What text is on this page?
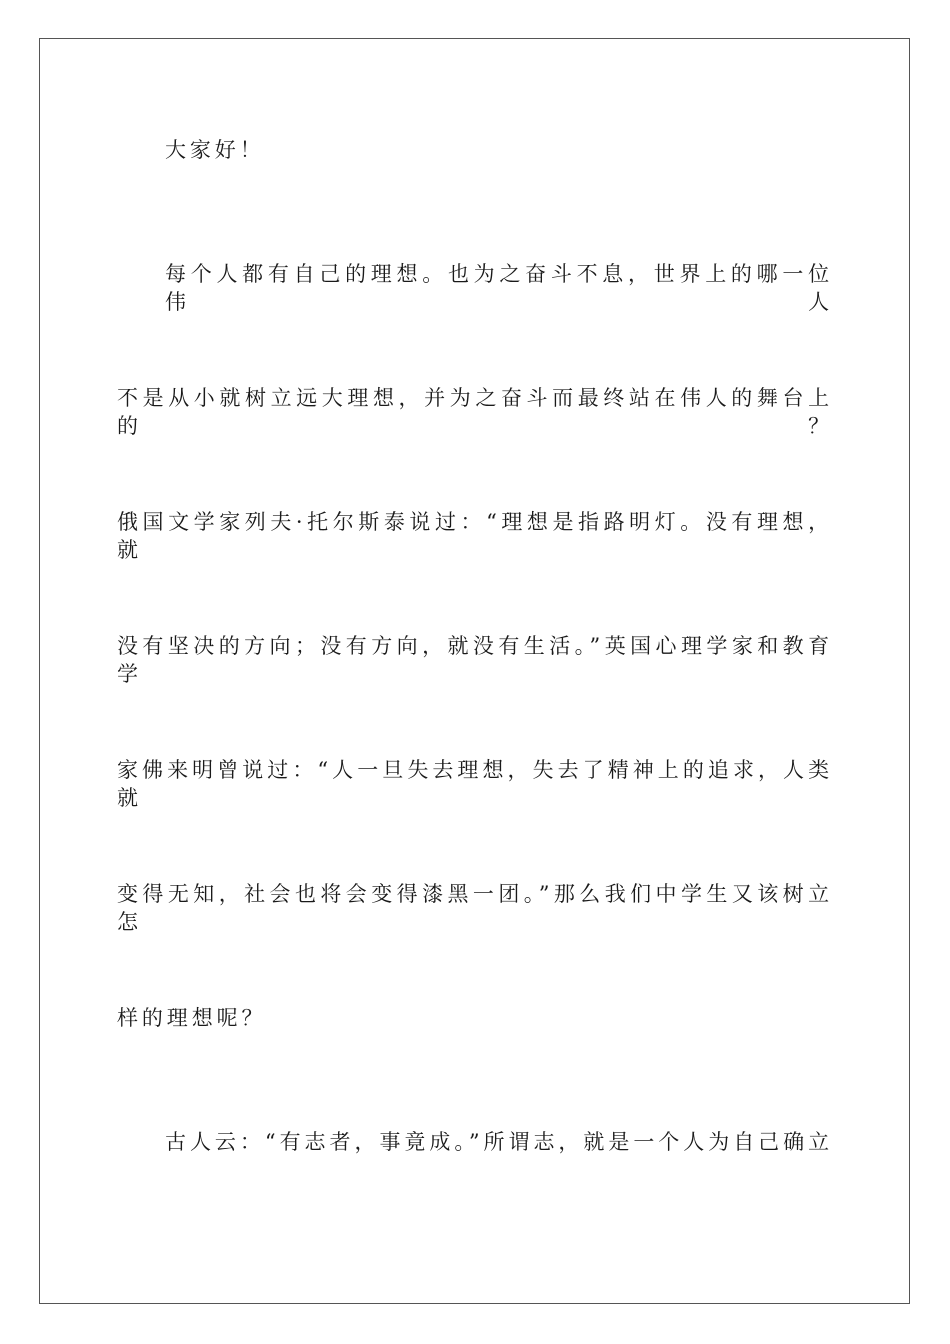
大家好！
每个人都有自己的理想。也为之奋斗不息，世界上的哪一位伟人
不是从小就树立远大理想，并为之奋斗而最终站在伟人的舞台上的？
俄国文学家列夫·托尔斯泰说过：“理想是指路明灯。没有理想，就
没有坚决的方向；没有方向，就没有生活。”英国心理学家和教育学
家佛来明曾说过：“人一旦失去理想，失去了精神上的追求，人类就
变得无知，社会也将会变得漆黑一团。”那么我们中学生又该树立怎
样的理想呢？
古人云：“有志者，事竟成。”所谓志，就是一个人为自己确立
